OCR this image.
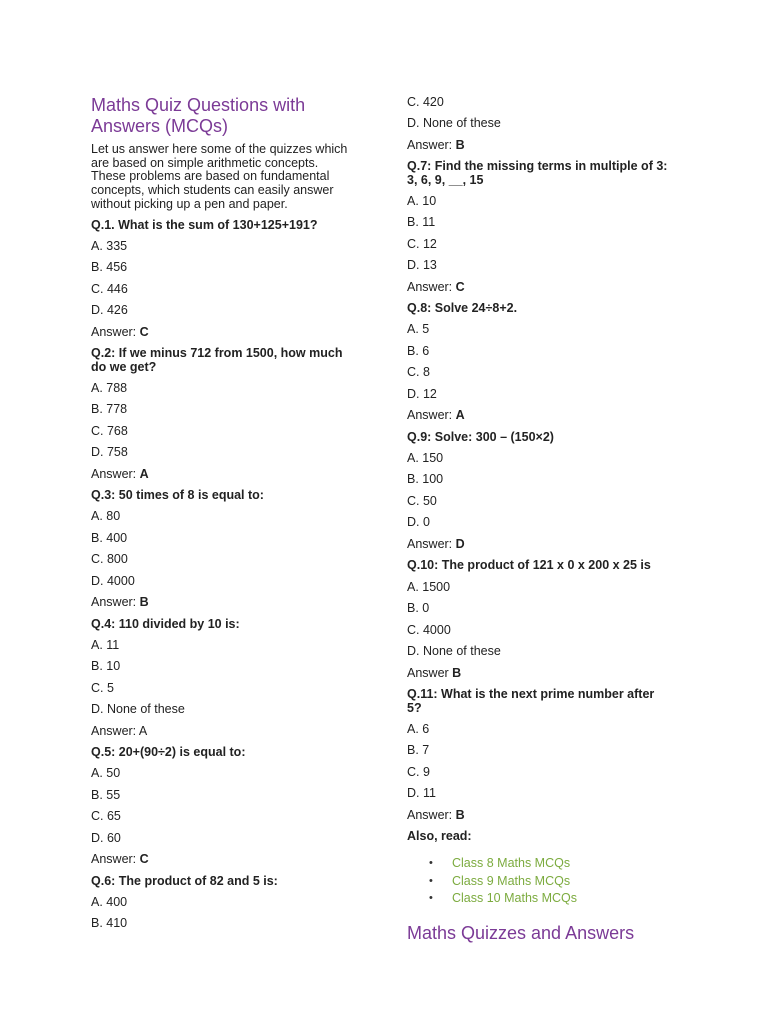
Maths Quiz Questions with Answers (MCQs)
Let us answer here some of the quizzes which are based on simple arithmetic concepts. These problems are based on fundamental concepts, which students can easily answer without picking up a pen and paper.
Q.1. What is the sum of 130+125+191?
A. 335
B. 456
C. 446
D. 426
Answer: C
Q.2: If we minus 712 from 1500, how much do we get?
A. 788
B. 778
C. 768
D. 758
Answer: A
Q.3: 50 times of 8 is equal to:
A. 80
B. 400
C. 800
D. 4000
Answer: B
Q.4: 110 divided by 10 is:
A. 11
B. 10
C. 5
D. None of these
Answer: A
Q.5: 20+(90÷2) is equal to:
A. 50
B. 55
C. 65
D. 60
Answer: C
Q.6: The product of 82 and 5 is:
A. 400
B. 410
C. 420
D. None of these
Answer: B
Q.7: Find the missing terms in multiple of 3: 3, 6, 9, __, 15
A. 10
B. 11
C. 12
D. 13
Answer: C
Q.8: Solve 24÷8+2.
A. 5
B. 6
C. 8
D. 12
Answer: A
Q.9: Solve: 300 – (150×2)
A. 150
B. 100
C. 50
D. 0
Answer: D
Q.10: The product of 121 x 0 x 200 x 25 is
A. 1500
B. 0
C. 4000
D. None of these
Answer B
Q.11: What is the next prime number after 5?
A. 6
B. 7
C. 9
D. 11
Answer: B
Also, read:
• Class 8 Maths MCQs
• Class 9 Maths MCQs
• Class 10 Maths MCQs
Maths Quizzes and Answers
